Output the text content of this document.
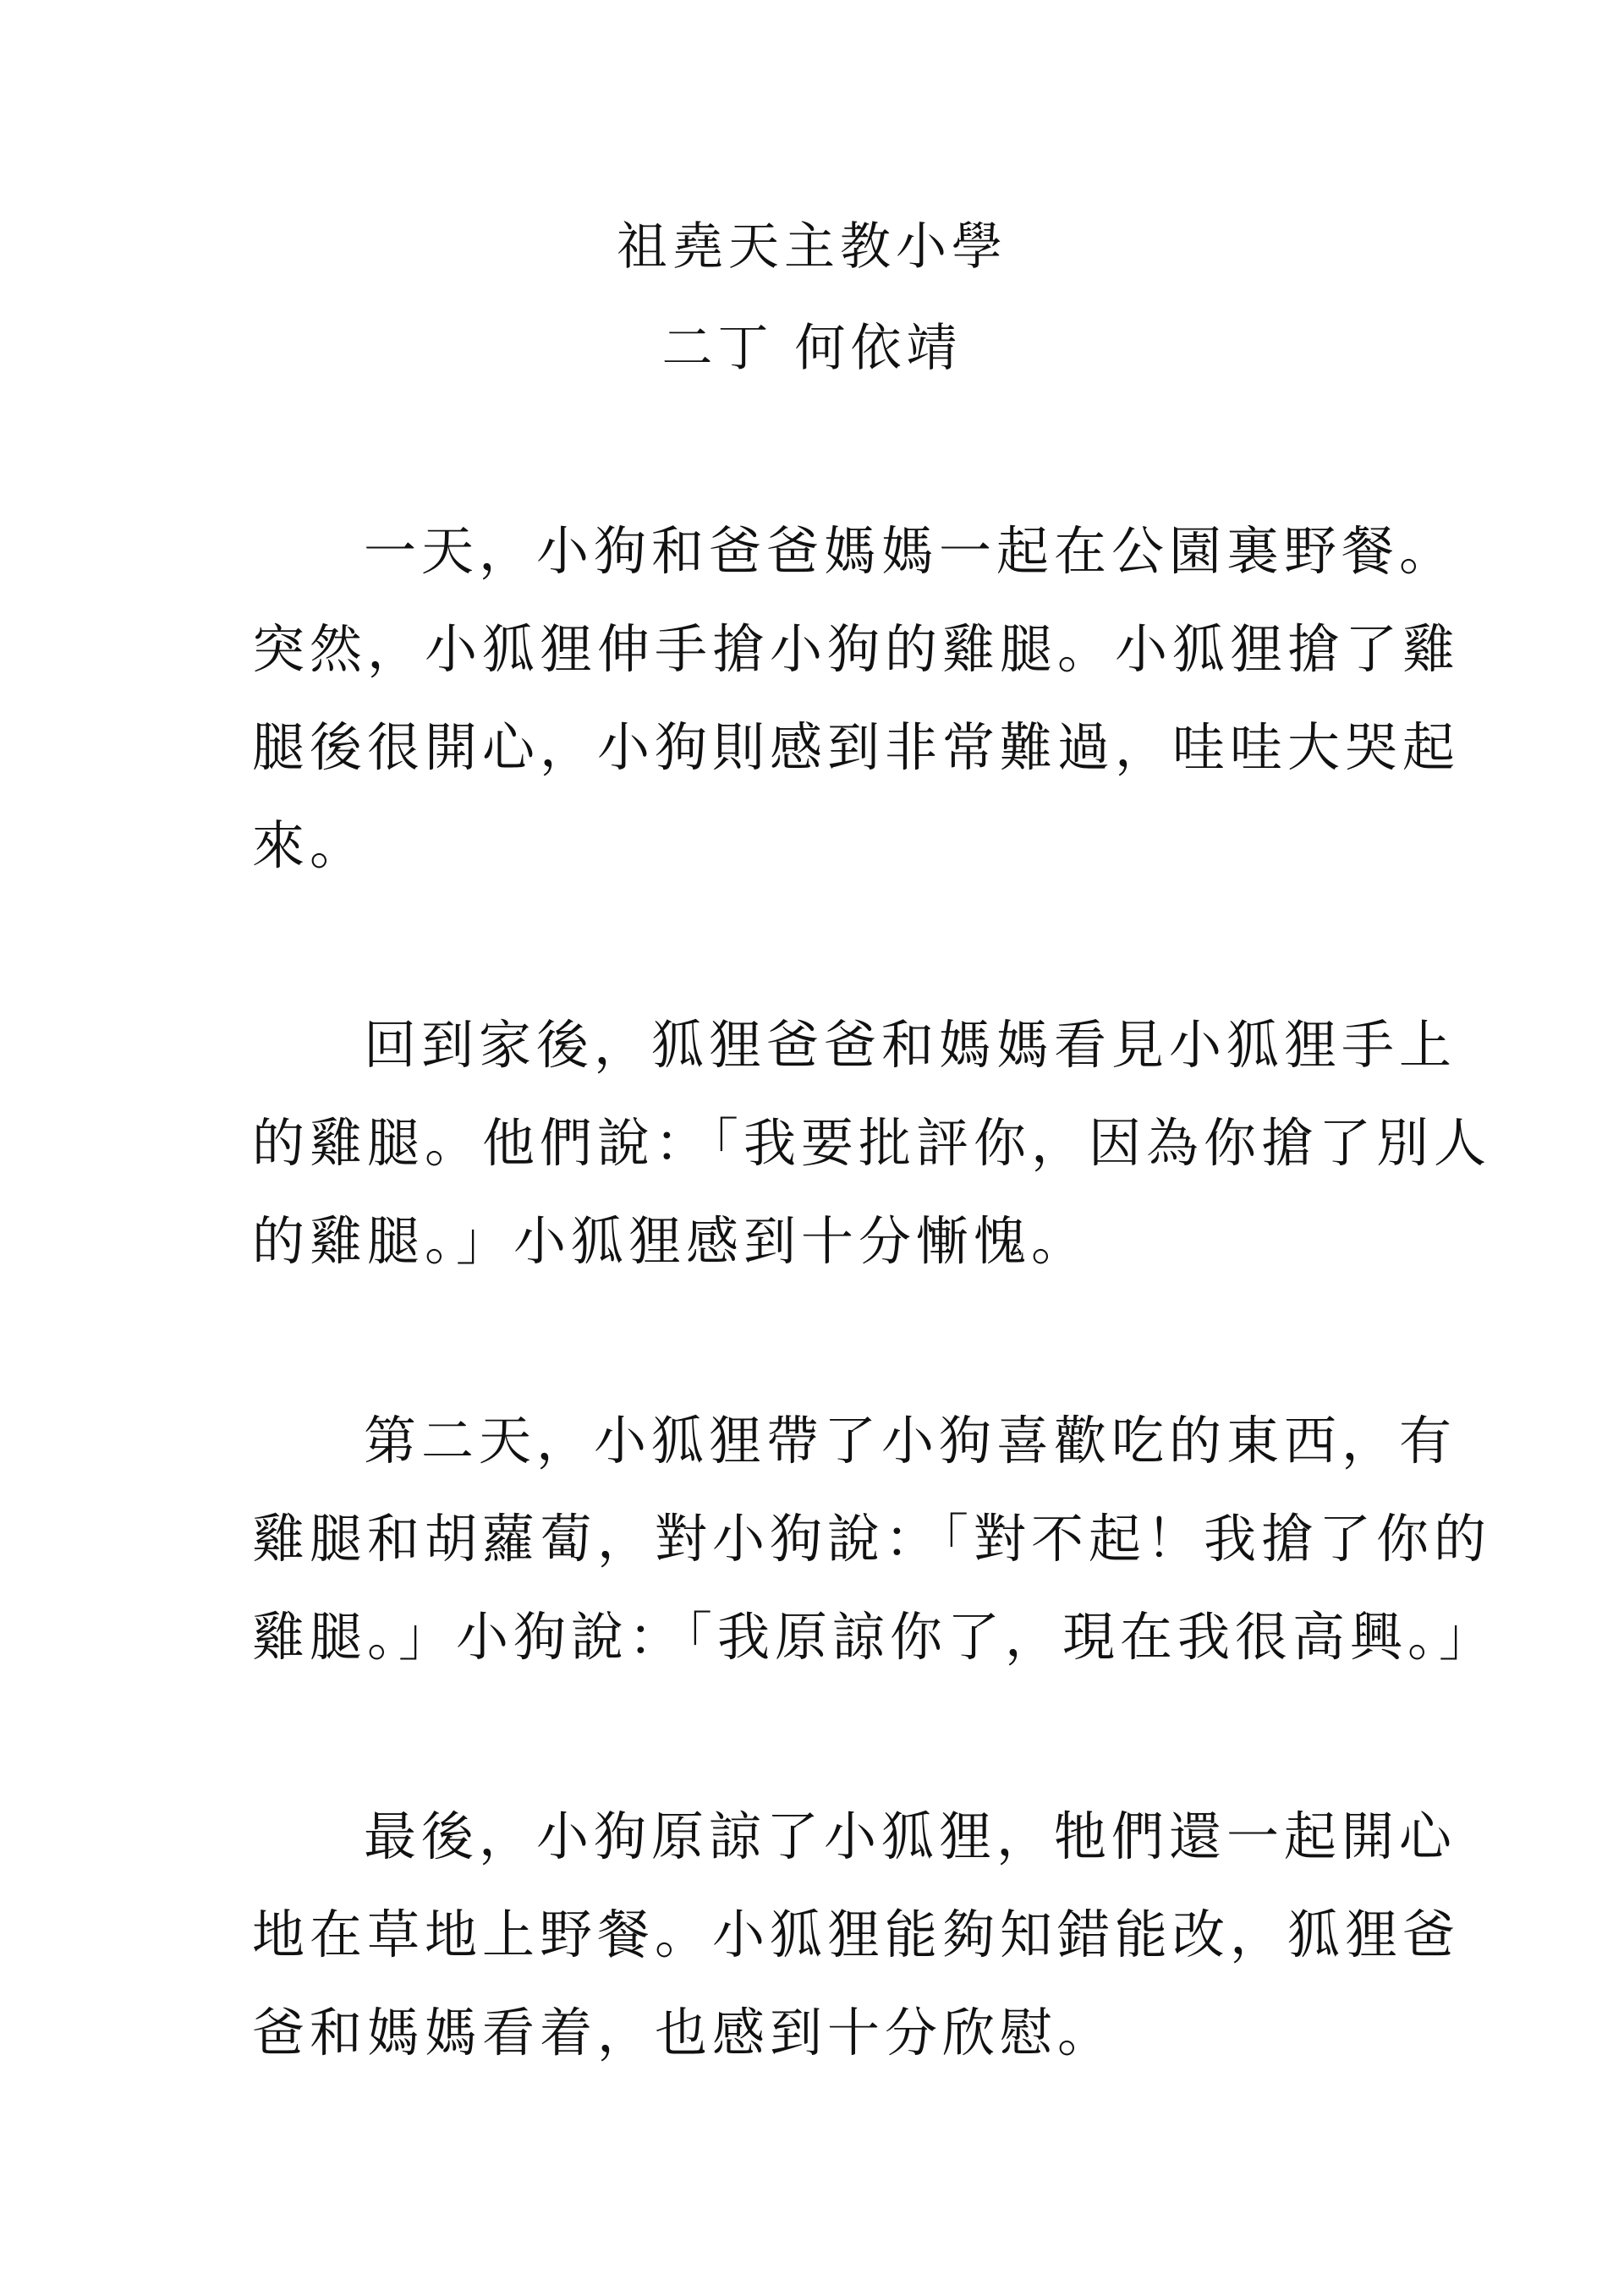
祖堯天主教小學
二丁 何依靖
一天，小狗和爸爸媽媽一起在公園裏野餐。
突然，小狐狸伸手搶小狗的雞腿。小狐狸搶了雞
腿後很開心，小狗則感到非常難過，哇哇大哭起
來。
回到家後，狐狸爸爸和媽媽看見小狐狸手上
的雞腿。他們說：「我要批評你，因為你搶了別人
的雞腿。」小狐狸感到十分慚愧。
第二天，小狐狸帶了小狗喜歡吃的東西，有
雞腿和胡蘿蔔，對小狗說：「對不起！我搶了你的
雞腿。」小狗說：「我原諒你了，現在我很高興。」
最後，小狗原諒了小狐狸，牠們還一起開心
地在草地上野餐。小狐狸能夠知錯能改，狐狸爸
爸和媽媽看着，也感到十分欣慰。
